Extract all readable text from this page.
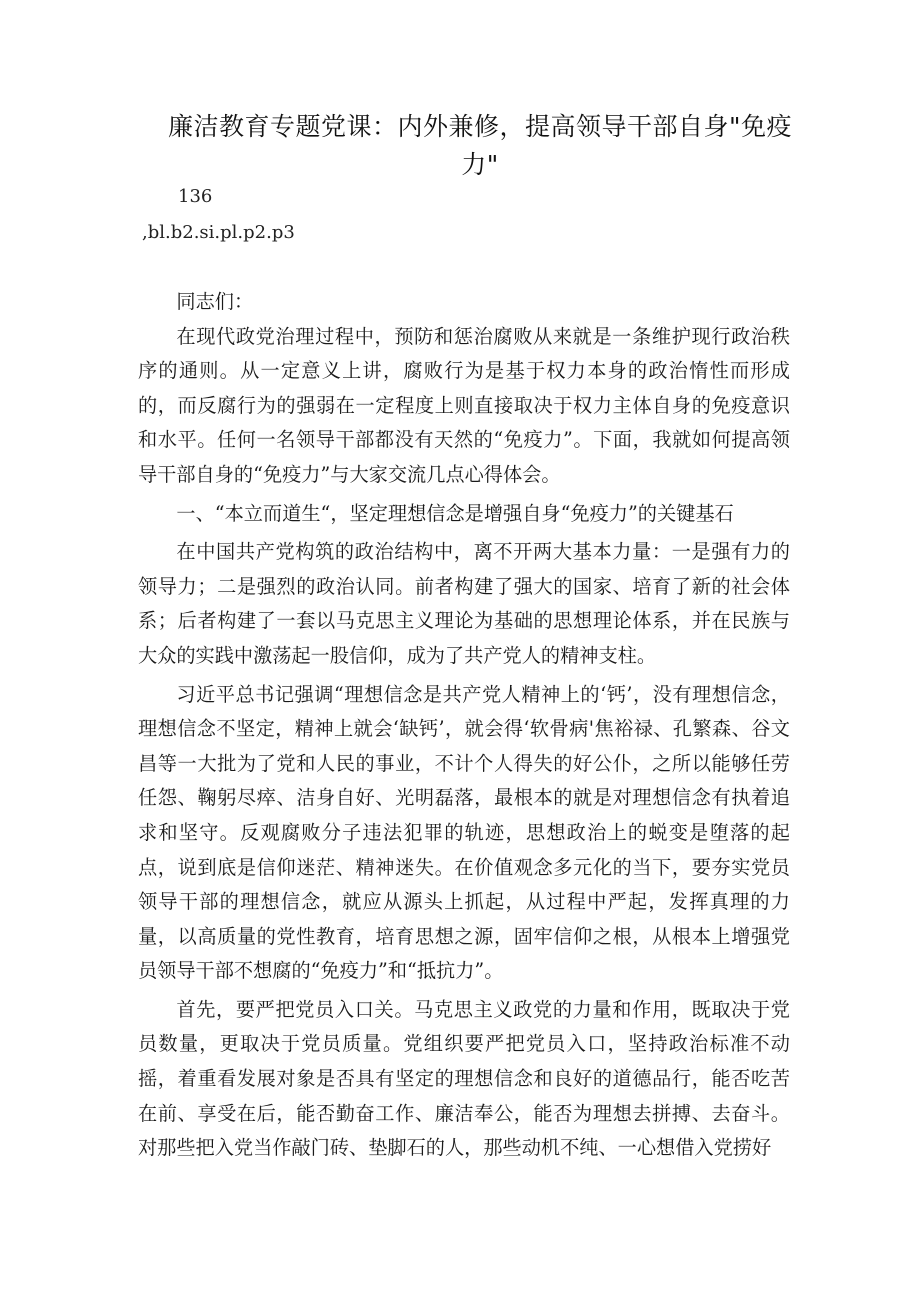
廉洁教育专题党课：内外兼修，提高领导干部自身"免疫力"
136
,bl.b2.si.pl.p2.p3

同志们：

在现代政党治理过程中，预防和惩治腐败从来就是一条维护现行政治秩序的通则。从一定意义上讲，腐败行为是基于权力本身的政治惰性而形成的，而反腐行为的强弱在一定程度上则直接取决于权力主体自身的免疫意识和水平。任何一名领导干部都没有天然的“免疫力”。下面，我就如何提高领导干部自身的“免疫力”与大家交流几点心得体会。

一、“本立而道生“，坚定理想信念是增强自身“免疫力”的关键基石

在中国共产党构筑的政治结构中，离不开两大基本力量：一是强有力的领导力；二是强烈的政治认同。前者构建了强大的国家、培育了新的社会体系；后者构建了一套以马克思主义理论为基础的思想理论体系，并在民族与大众的实践中激荡起一股信仰，成为了共产党人的精神支柱。

习近平总书记强调“理想信念是共产党人精神上的‘钙’，没有理想信念，理想信念不坚定，精神上就会‘缺钙’，就会得‘软骨病'焦裕禄、孔繁森、谷文昌等一大批为了党和人民的事业，不计个人得失的好公仆，之所以能够任劳任怨、鞠躬尽瘁、洁身自好、光明磊落，最根本的就是对理想信念有执着追求和坚守。反观腐败分子违法犯罪的轨迹，思想政治上的蜕变是堕落的起点，说到底是信仰迷茫、精神迷失。在价值观念多元化的当下，要夯实党员领导干部的理想信念，就应从源头上抓起，从过程中严起，发挥真理的力量，以高质量的党性教育，培育思想之源，固牢信仰之根，从根本上增强党员领导干部不想腐的“免疫力”和“抵抗力”。

首先，要严把党员入口关。马克思主义政党的力量和作用，既取决于党员数量，更取决于党员质量。党组织要严把党员入口，坚持政治标准不动摇，着重看发展对象是否具有坚定的理想信念和良好的道德品行，能否吃苦在前、享受在后，能否勤奋工作、廉洁奉公，能否为理想去拼搏、去奋斗。对那些把入党当作敲门砖、垫脚石的人，那些动机不纯、一心想借入党捞好
